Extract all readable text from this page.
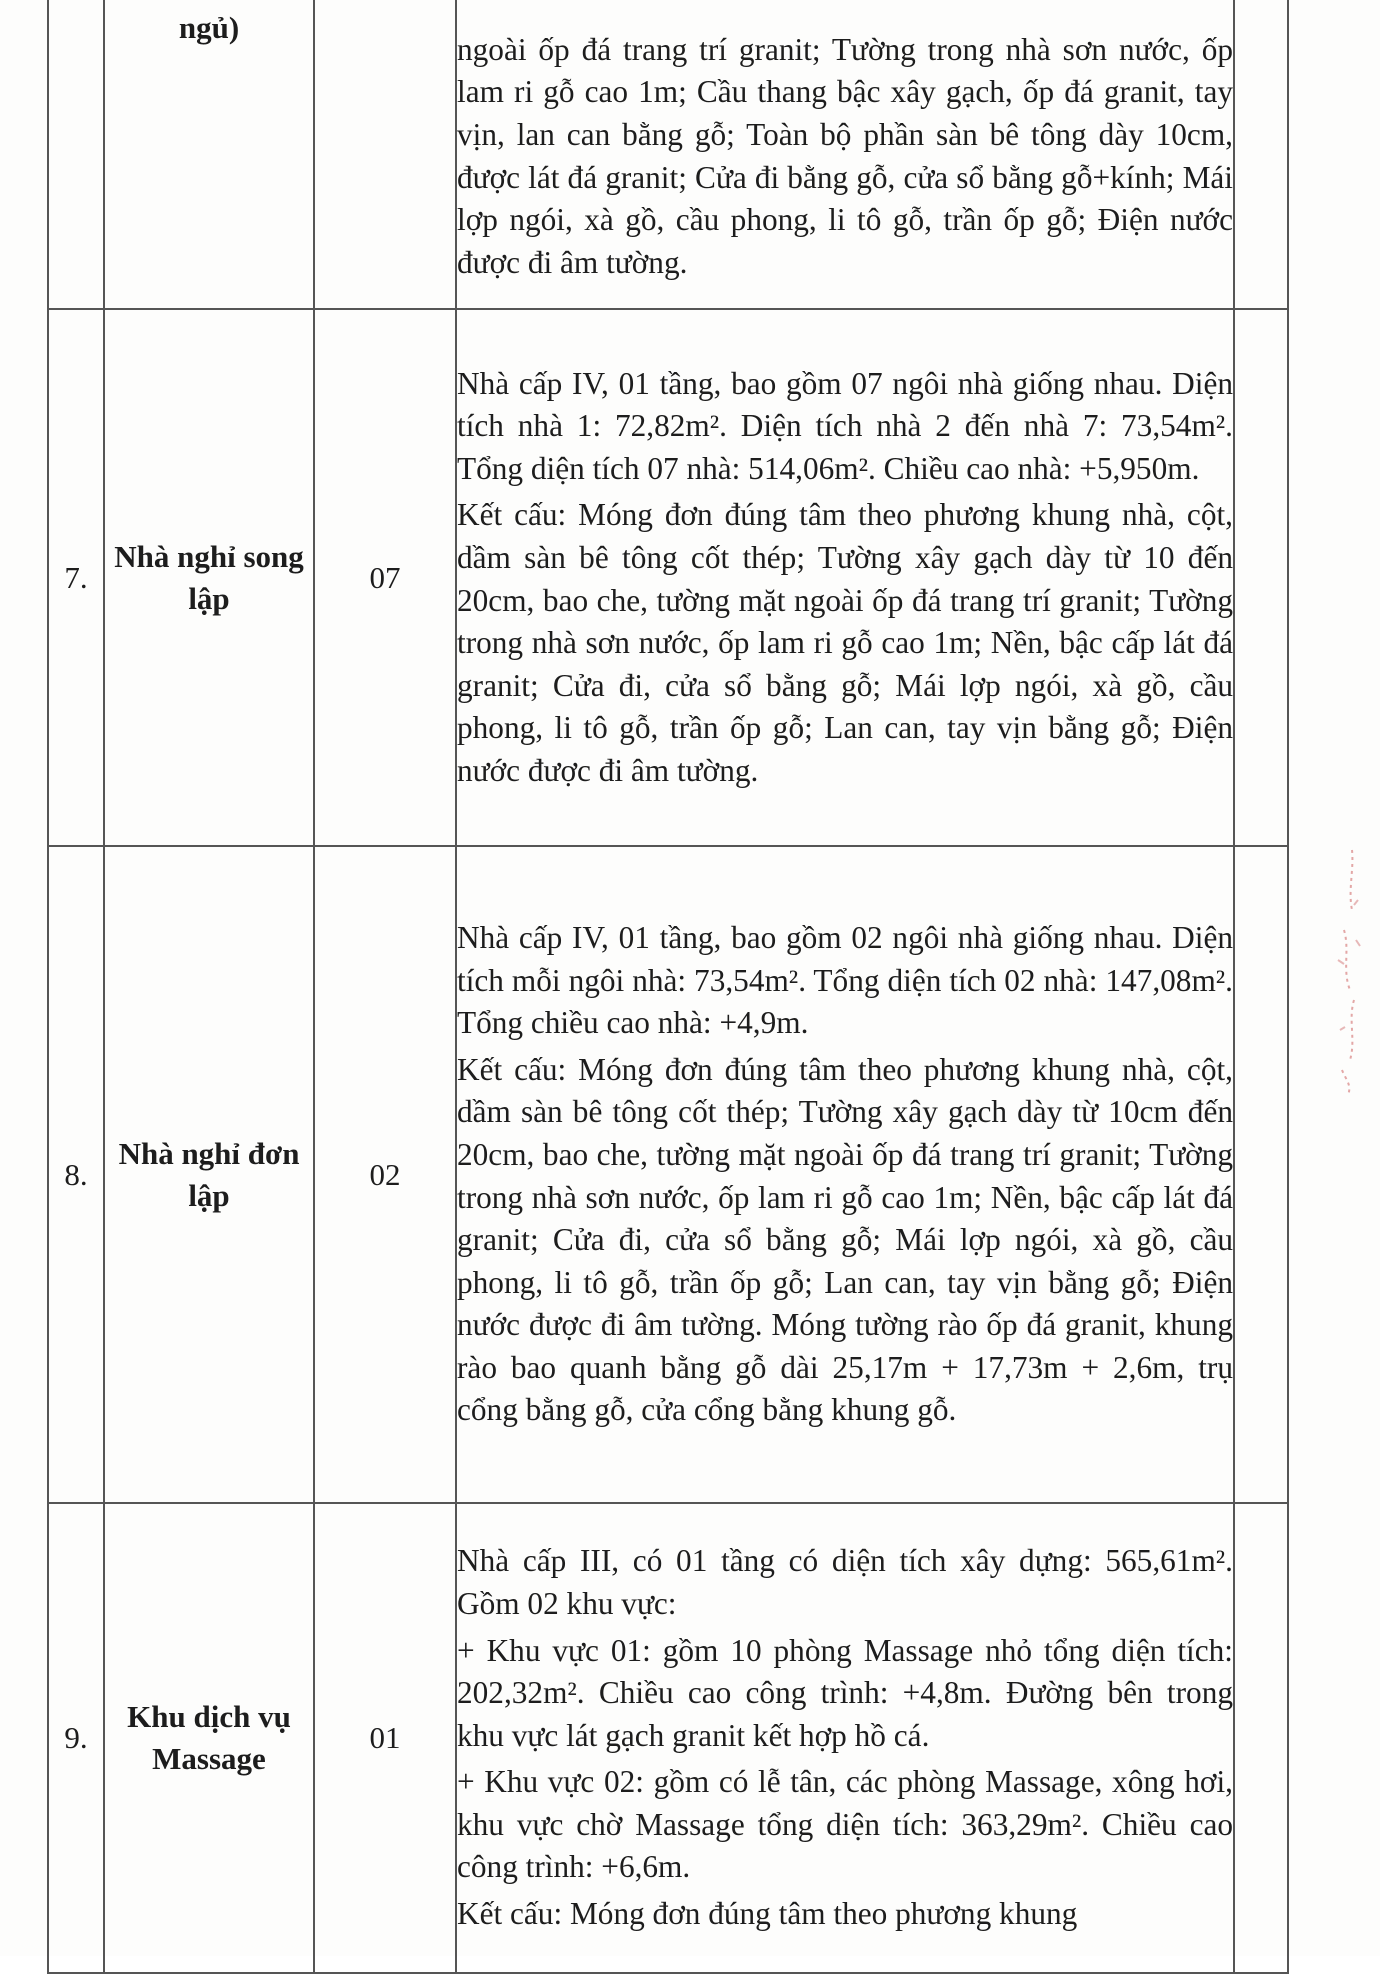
	ngủ)		ngoài ốp đá trang trí granit; Tường trong nhà sơn nước, ốp lam ri gỗ cao 1m; Cầu thang bậc xây gạch, ốp đá granit, tay vịn, lan can bằng gỗ; Toàn bộ phần sàn bê tông dày 10cm, được lát đá granit; Cửa đi bằng gỗ, cửa sổ bằng gỗ+kính; Mái lợp ngói, xà gồ, cầu phong, li tô gỗ, trần ốp gỗ; Điện nước được đi âm tường.	

7.	Nhà nghỉ song lập	07	Nhà cấp IV, 01 tầng, bao gồm 07 ngôi nhà giống nhau. Diện tích nhà 1: 72,82m². Diện tích nhà 2 đến nhà 7: 73,54m². Tổng diện tích 07 nhà: 514,06m². Chiều cao nhà: +5,950m.

Kết cấu: Móng đơn đúng tâm theo phương khung nhà, cột, dầm sàn bê tông cốt thép; Tường xây gạch dày từ 10 đến 20cm, bao che, tường mặt ngoài ốp đá trang trí granit; Tường trong nhà sơn nước, ốp lam ri gỗ cao 1m; Nền, bậc cấp lát đá granit; Cửa đi, cửa sổ bằng gỗ; Mái lợp ngói, xà gồ, cầu phong, li tô gỗ, trần ốp gỗ; Lan can, tay vịn bằng gỗ; Điện nước được đi âm tường.	

8.	Nhà nghỉ đơn lập	02	Nhà cấp IV, 01 tầng, bao gồm 02 ngôi nhà giống nhau. Diện tích mỗi ngôi nhà: 73,54m². Tổng diện tích 02 nhà: 147,08m². Tổng chiều cao nhà: +4,9m.

Kết cấu: Móng đơn đúng tâm theo phương khung nhà, cột, dầm sàn bê tông cốt thép; Tường xây gạch dày từ 10cm đến 20cm, bao che, tường mặt ngoài ốp đá trang trí granit; Tường trong nhà sơn nước, ốp lam ri gỗ cao 1m; Nền, bậc cấp lát đá granit; Cửa đi, cửa sổ bằng gỗ; Mái lợp ngói, xà gồ, cầu phong, li tô gỗ, trần ốp gỗ; Lan can, tay vịn bằng gỗ; Điện nước được đi âm tường. Móng tường rào ốp đá granit, khung rào bao quanh bằng gỗ dài 25,17m + 17,73m + 2,6m, trụ cổng bằng gỗ, cửa cổng bằng khung gỗ.	

9.	Khu dịch vụ Massage	01	Nhà cấp III, có 01 tầng có diện tích xây dựng: 565,61m². Gồm 02 khu vực:

+ Khu vực 01: gồm 10 phòng Massage nhỏ tổng diện tích: 202,32m². Chiều cao công trình: +4,8m. Đường bên trong khu vực lát gạch granit kết hợp hồ cá.

+ Khu vực 02: gồm có lễ tân, các phòng Massage, xông hơi, khu vực chờ Massage tổng diện tích: 363,29m². Chiều cao công trình: +6,6m.

Kết cấu: Móng đơn đúng tâm theo phương khung	
